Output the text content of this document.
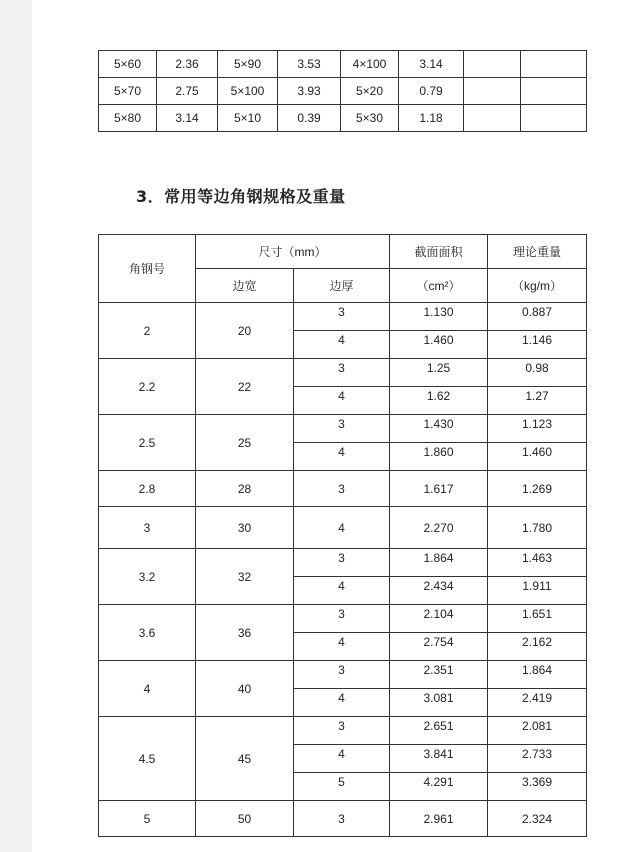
5×60	2.36	5×90	3.53	4×100	3.14		
5×70	2.75	5×100	3.93	5×20	0.79		
5×80	3.14	5×10	0.39	5×30	1.18		
3．常用等边角钢规格及重量
角钢号	尺寸（mm）		截面面积	理论重量
	边宽	边厚	（cm²）	（kg/m）
2	20	3	1.130	0.887
		4	1.460	1.146
2.2	22	3	1.25	0.98
		4	1.62	1.27
2.5	25	3	1.430	1.123
		4	1.860	1.460
2.8	28	3	1.617	1.269
3	30	4	2.270	1.780
3.2	32	3	1.864	1.463
		4	2.434	1.911
3.6	36	3	2.104	1.651
		4	2.754	2.162
4	40	3	2.351	1.864
		4	3.081	2.419
4.5	45	3	2.651	2.081
		4	3.841	2.733
		5	4.291	3.369
5	50	3	2.961	2.324
